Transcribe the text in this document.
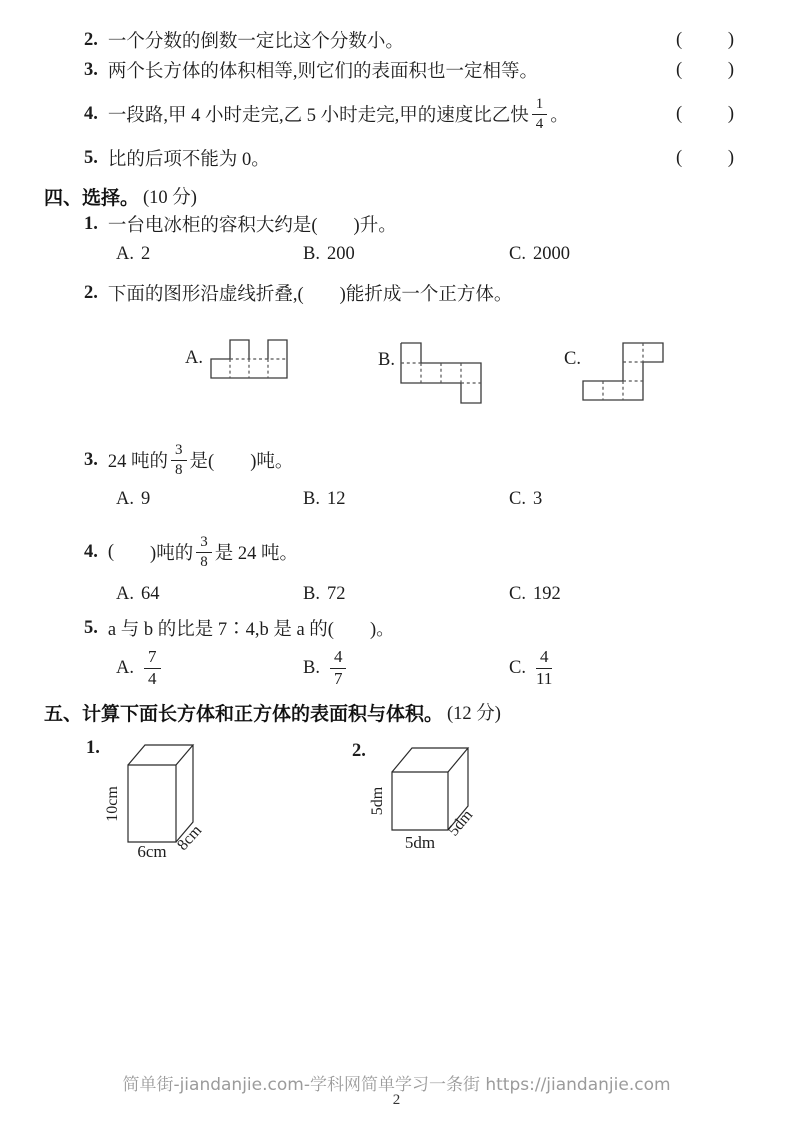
2. 一个分数的倒数一定比这个分数小。	( )
3. 两个长方体的体积相等,则它们的表面积也一定相等。	( )
4. 一段路,甲 4 小时走完,乙 5 小时走完,甲的速度比乙快 $\frac{1}{4}$ 。	( )
5. 比的后项不能为 0。	( )
四、选择。 (10 分)
1. 一台电冰柜的容积大约是( )升。
A. 2	B. 200	C. 2000
2. 下面的图形沿虚线折叠,( )能折成一个正方体。
A.	B.	C.
3. 24 吨的 $\frac{3}{8}$ 是( )吨。
A. 9	B. 12	C. 3
4. ( )吨的 $\frac{3}{8}$ 是 24 吨。
A. 64	B. 72	C. 192
5. a 与 b 的比是 7∶4,b 是 a 的( )。
A. $\frac{7}{4}$	B. $\frac{4}{7}$	C. $\frac{4}{11}$
五、计算下面长方体和正方体的表面积与体积。 (12 分)
1.
10cm
6cm 8cm
2.
5dm
5dm
5dm
简单街-jiandanjie.com-学科网简单学习一条街 https://jiandanjie.com
2
